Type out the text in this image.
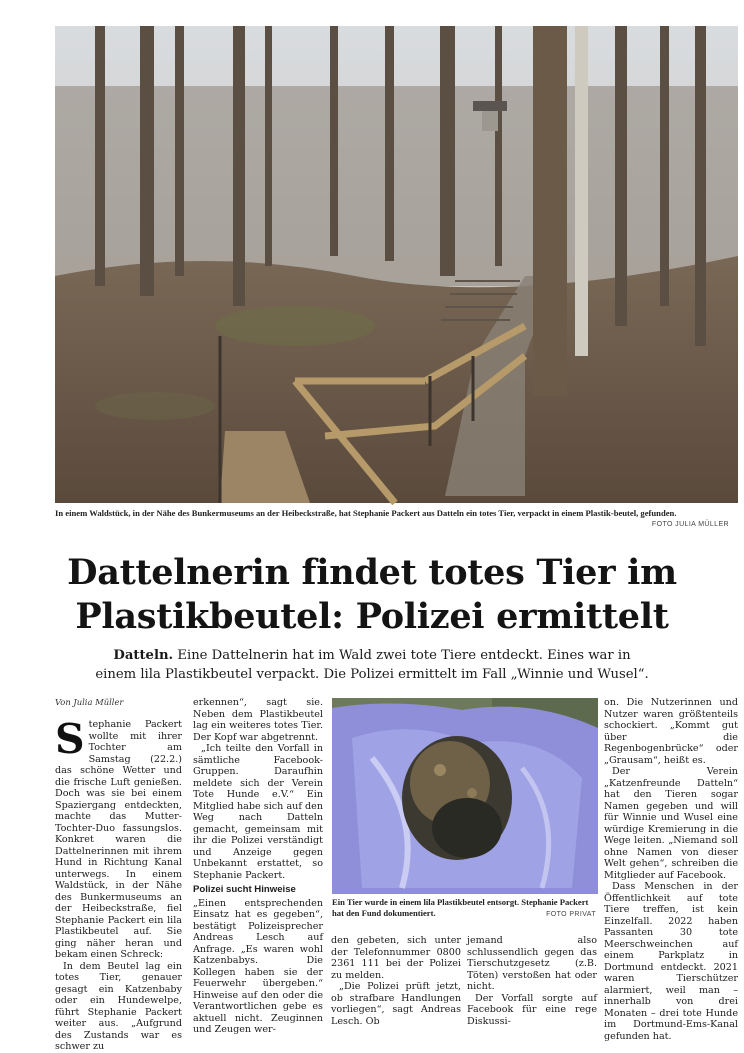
In einem Waldstück, in der Nähe des Bunkermuseums an der Heibeckstraße, hat Stephanie Packert aus Datteln ein totes Tier, verpackt in einem Plastik-beutel, gefunden.
FOTO JULIA MÜLLER
Dattelnerin findet totes Tier im
Plastikbeutel: Polizei ermittelt
Datteln. Eine Dattelnerin hat im Wald zwei tote Tiere entdeckt. Eines war in einem lila Plastikbeutel verpackt. Die Polizei ermittelt im Fall „Winnie und Wusel“.
Von Julia Müller

Stephanie Packert wollte mit ihrer Tochter am Samstag (22.2.) das schöne Wetter und die frische Luft genießen. Doch was sie bei einem Spaziergang entdeckten, machte das Mutter-Tochter-Duo fassungslos. Konkret waren die Dattelnerinnen mit ihrem Hund in Richtung Kanal unterwegs. In einem Waldstück, in der Nähe des Bunkermuseums an der Heibeckstraße, fiel Stephanie Packert ein lila Plastikbeutel auf. Sie ging näher heran und bekam einen Schreck:

In dem Beutel lag ein totes Tier, genauer gesagt ein Katzenbaby oder ein Hundewelpe, führt Stephanie Packert weiter aus. „Aufgrund des Zustands war es schwer zu

erkennen“, sagt sie. Neben dem Plastikbeutel lag ein weiteres totes Tier. Der Kopf war abgetrennt.

„Ich teilte den Vorfall in sämtliche Facebook-Gruppen. Daraufhin meldete sich der Verein Tote Hunde e.V.“ Ein Mitglied habe sich auf den Weg nach Datteln gemacht, gemeinsam mit ihr die Polizei verständigt und Anzeige gegen Unbekannt erstattet, so Stephanie Packert.

Polizei sucht Hinweise

„Einen entsprechenden Einsatz hat es gegeben“, bestätigt Polizeisprecher Andreas Lesch auf Anfrage. „Es waren wohl Katzenbabys. Die Kollegen haben sie der Feuerwehr übergeben.“ Hinweise auf den oder die Verantwortlichen gebe es aktuell nicht. Zeuginnen und Zeugen wer-

Ein Tier wurde in einem lila Plastikbeutel entsorgt. Stephanie Packert hat den Fund dokumentiert.	FOTO PRIVAT

den gebeten, sich unter der Telefonnummer 0800 2361 111 bei der Polizei zu melden.

„Die Polizei prüft jetzt, ob strafbare Handlungen vorliegen“, sagt Andreas Lesch. Ob

jemand also schlussendlich gegen das Tierschutzgesetz (z.B. Töten) verstoßen hat oder nicht.

Der Vorfall sorgte auf Facebook für eine rege Diskussi-

on. Die Nutzerinnen und Nutzer waren größtenteils schockiert. „Kommt gut über die Regenbogenbrücke“ oder „Grausam“, heißt es.

Der Verein „Katzenfreunde Datteln“ hat den Tieren sogar Namen gegeben und will für Winnie und Wusel eine würdige Kremierung in die Wege leiten. „Niemand soll ohne Namen von dieser Welt gehen“, schreiben die Mitglieder auf Facebook.

Dass Menschen in der Öffentlichkeit auf tote Tiere treffen, ist kein Einzelfall. 2022 haben Passanten 30 tote Meerschweinchen auf einem Parkplatz in Dortmund entdeckt. 2021 waren Tierschützer alarmiert, weil man – innerhalb von drei Monaten – drei tote Hunde im Dortmund-Ems-Kanal gefunden hat.
